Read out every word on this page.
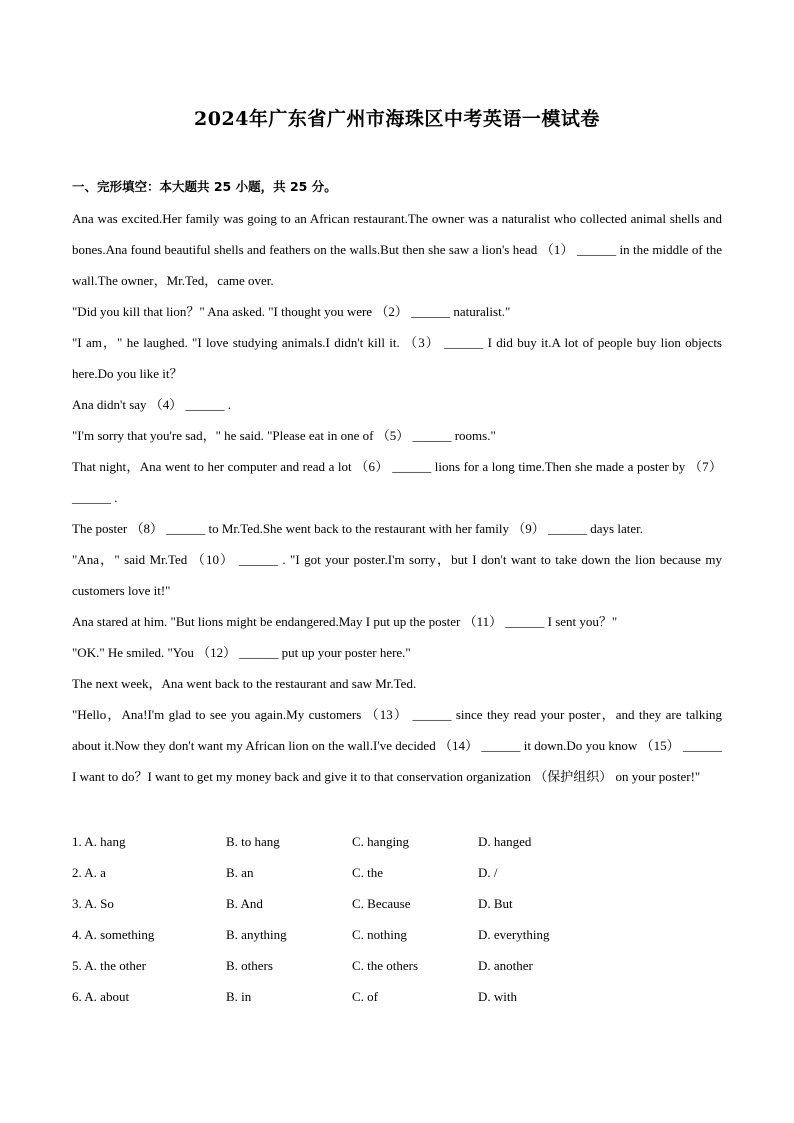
2024年广东省广州市海珠区中考英语一模试卷
一、完形填空：本大题共 25 小题，共 25 分。

Ana was excited.Her family was going to an African restaurant.The owner was a naturalist who collected animal shells and bones.Ana found beautiful shells and feathers on the walls.But then she saw a lion's head （1） ______ in the middle of the wall.The owner，Mr.Ted，came over.

"Did you kill that lion？" Ana asked. "I thought you were （2） ______ naturalist."

"I am，" he laughed. "I love studying animals.I didn't kill it. （3） ______ I did buy it.A lot of people buy lion objects here.Do you like it？

Ana didn't say （4） ______ .

"I'm sorry that you're sad，" he said. "Please eat in one of （5） ______ rooms."

That night，Ana went to her computer and read a lot （6） ______ lions for a long time.Then she made a poster by （7） ______ .

The poster （8） ______ to Mr.Ted.She went back to the restaurant with her family （9） ______ days later.

"Ana，" said Mr.Ted （10） ______ . "I got your poster.I'm sorry，but I don't want to take down the lion because my customers love it!"

Ana stared at him. "But lions might be endangered.May I put up the poster （11） ______ I sent you？"

"OK." He smiled. "You （12） ______ put up your poster here."

The next week，Ana went back to the restaurant and saw Mr.Ted.

"Hello，Ana!I'm glad to see you again.My customers （13） ______ since they read your poster，and they are talking about it.Now they don't want my African lion on the wall.I've decided （14） ______ it down.Do you know （15） ______ I want to do？I want to get my money back and give it to that conservation organization （保护组织） on your poster!"

1. A. hang	B. to hang	C. hanging	D. hanged
2. A. a	B. an	C. the	D. /
3. A. So	B. And	C. Because	D. But
4. A. something	B. anything	C. nothing	D. everything
5. A. the other	B. others	C. the others	D. another
6. A. about	B. in	C. of	D. with
